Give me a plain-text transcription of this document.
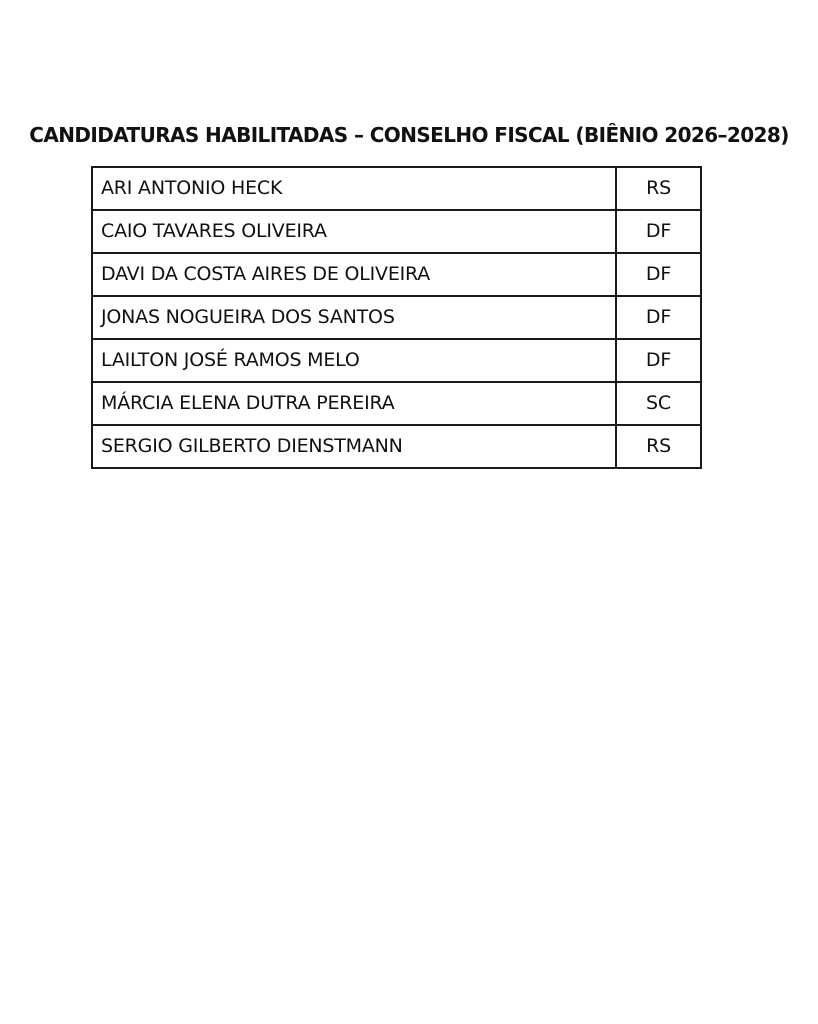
CANDIDATURAS HABILITADAS – CONSELHO FISCAL (BIÊNIO 2026–2028)
ARI ANTONIO HECK	RS
CAIO TAVARES OLIVEIRA	DF
DAVI DA COSTA AIRES DE OLIVEIRA	DF
JONAS NOGUEIRA DOS SANTOS	DF
LAILTON JOSÉ RAMOS MELO	DF
MÁRCIA ELENA DUTRA PEREIRA	SC
SERGIO GILBERTO DIENSTMANN	RS
